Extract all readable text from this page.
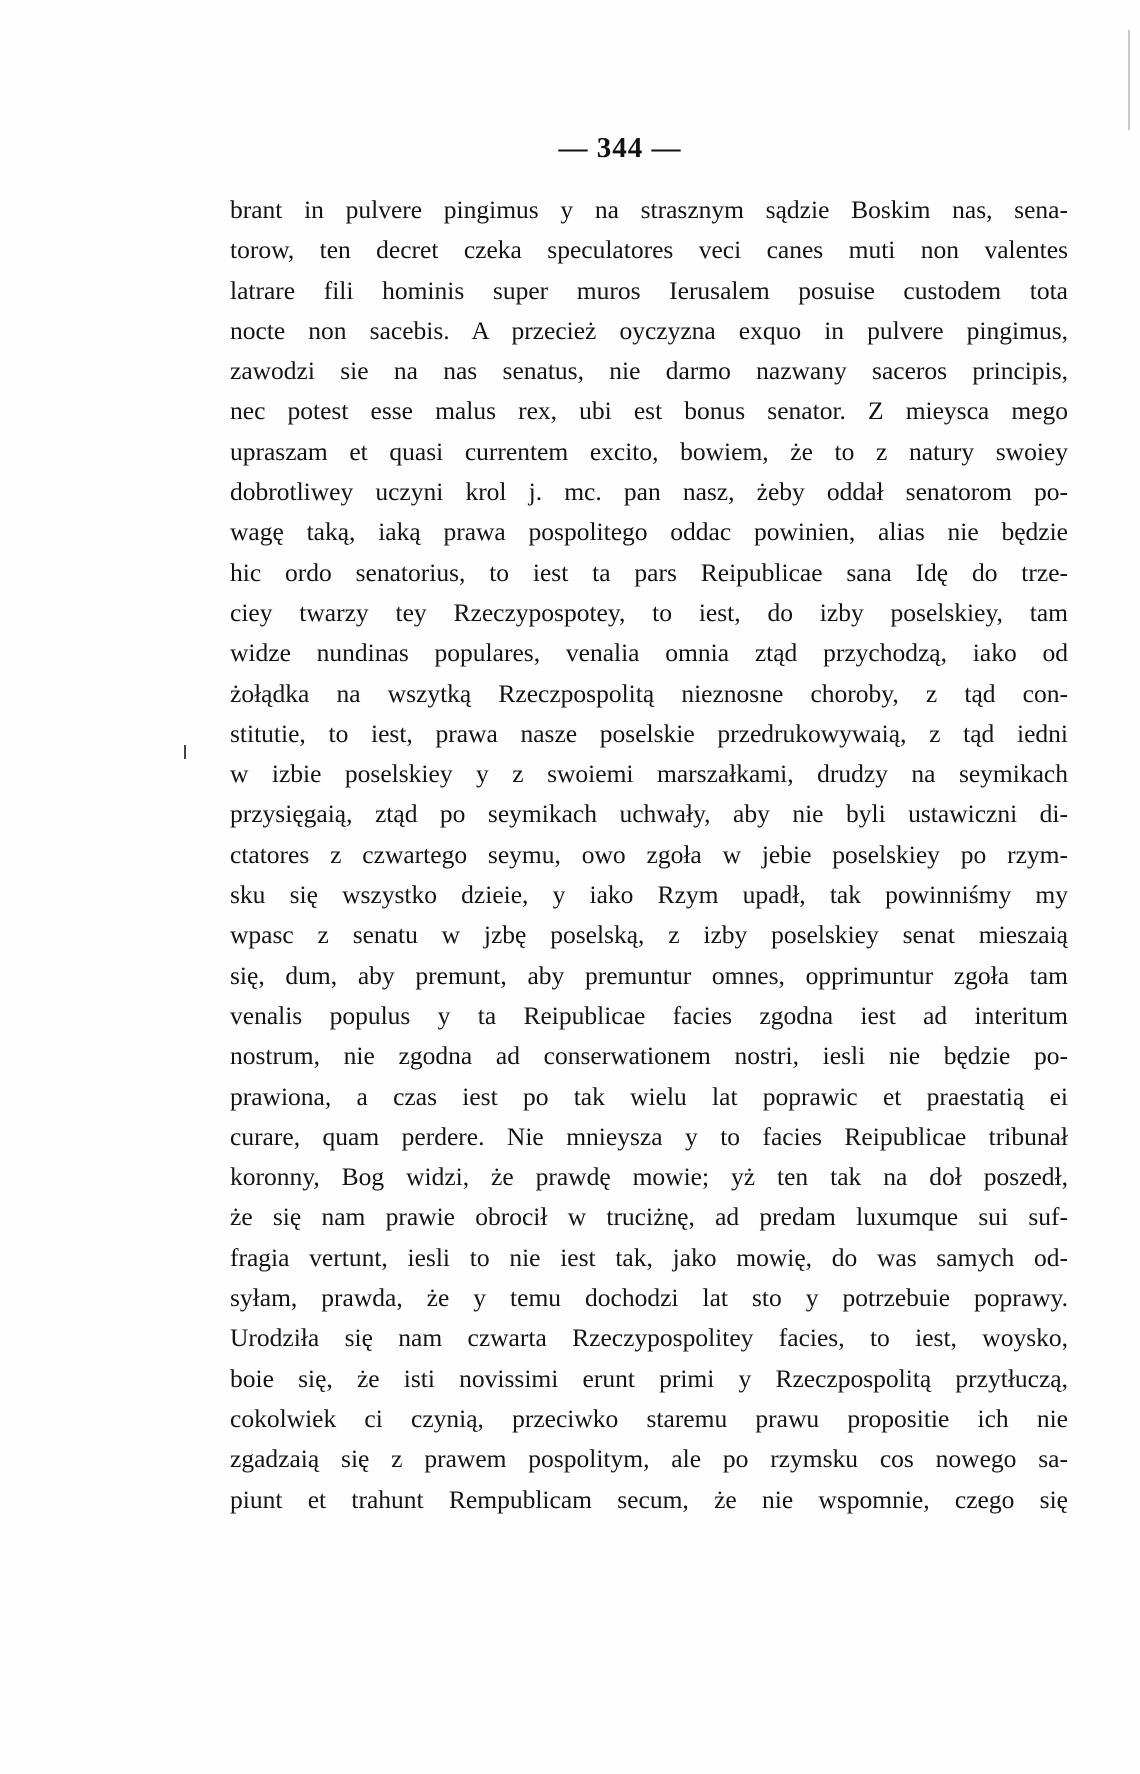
— 344 —
brant in pulvere pingimus y na strasznym sądzie Boskim nas, sena-
torow, ten decret czeka speculatores veci canes muti non valentes
latrare fili hominis super muros Ierusalem posuise custodem tota
nocte non sacebis. A przecież oyczyzna exquo in pulvere pingimus,
zawodzi sie na nas senatus, nie darmo nazwany saceros principis,
nec potest esse malus rex, ubi est bonus senator. Z mieysca mego
upraszam et quasi currentem excito, bowiem, że to z natury swoiey
dobrotliwey uczyni krol j. mc. pan nasz, żeby oddał senatorom po-
wagę taką, iaką prawa pospolitego oddac powinien, alias nie będzie
hic ordo senatorius, to iest ta pars Reipublicae sana Idę do trze-
ciey twarzy tey Rzeczypospotey, to iest, do izby poselskiey, tam
widze nundinas populares, venalia omnia ztąd przychodzą, iako od
żołądka na wszytką Rzeczpospolitą nieznosne choroby, z tąd con-
stitutie, to iest, prawa nasze poselskie przedrukowywaią, z tąd iedni
w izbie poselskiey y z swoiemi marszałkami, drudzy na seymikach
przysięgaią, ztąd po seymikach uchwały, aby nie byli ustawiczni di-
ctatores z czwartego seymu, owo zgoła w jebie poselskiey po rzym-
sku się wszystko dzieie, y iako Rzym upadł, tak powinniśmy my
wpasc z senatu w jzbę poselską, z izby poselskiey senat mieszaią
się, dum, aby premunt, aby premuntur omnes, opprimuntur zgoła tam
venalis populus y ta Reipublicae facies zgodna iest ad interitum
nostrum, nie zgodna ad conserwationem nostri, iesli nie będzie po-
prawiona, a czas iest po tak wielu lat poprawic et praestatią ei
curare, quam perdere. Nie mnieysza y to facies Reipublicae tribunał
koronny, Bog widzi, że prawdę mowie; yż ten tak na doł poszedł,
że się nam prawie obrocił w truciżnę, ad predam luxumque sui suf-
fragia vertunt, iesli to nie iest tak, jako mowię, do was samych od-
syłam, prawda, że y temu dochodzi lat sto y potrzebuie poprawy.
Urodziła się nam czwarta Rzeczypospolitey facies, to iest, woysko,
boie się, że isti novissimi erunt primi y Rzeczpospolitą przytłuczą,
cokolwiek ci czynią, przeciwko staremu prawu propositie ich nie
zgadzaią się z prawem pospolitym, ale po rzymsku cos nowego sa-
piunt et trahunt Rempublicam secum, że nie wspomnie, czego się
